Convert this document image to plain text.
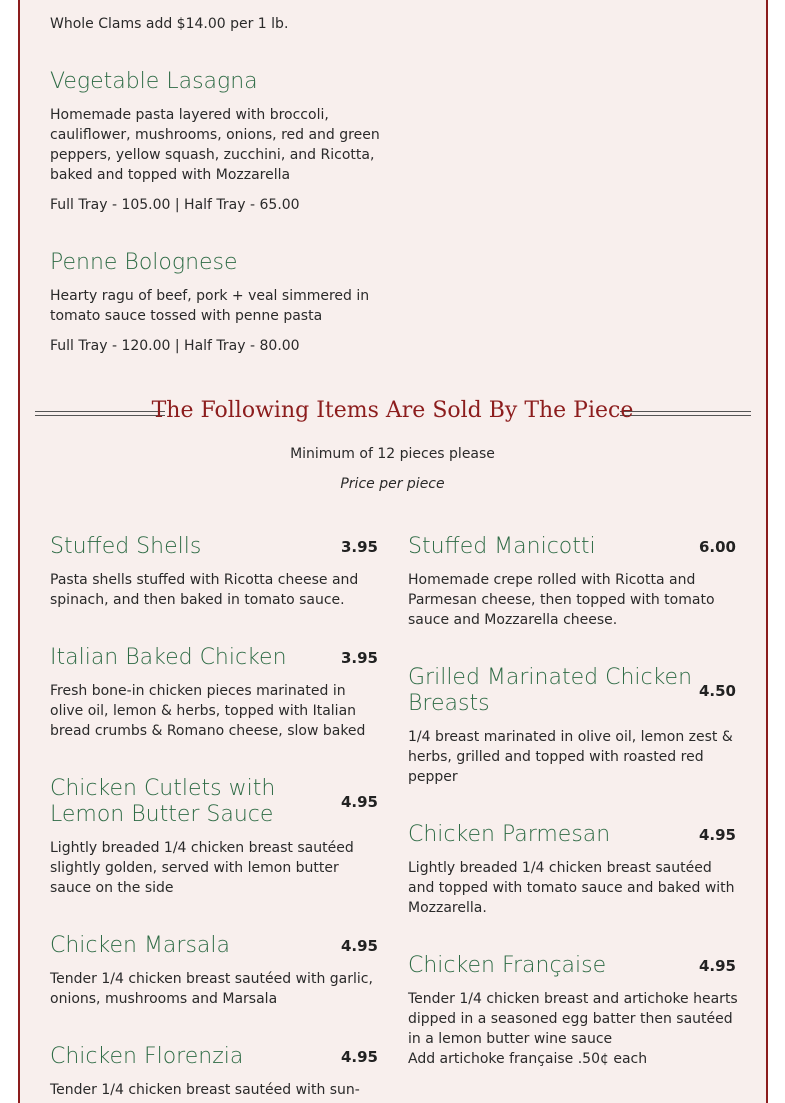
Whole Clams add $14.00 per 1 lb.
Vegetable Lasagna
Homemade pasta layered with broccoli, cauliflower, mushrooms, onions, red and green peppers, yellow squash, zucchini, and Ricotta, baked and topped with Mozzarella
Full Tray - 105.00 | Half Tray - 65.00
Penne Bolognese
Hearty ragu of beef, pork + veal simmered in tomato sauce tossed with penne pasta
Full Tray - 120.00 | Half Tray - 80.00
The Following Items Are Sold By The Piece
Minimum of 12 pieces please
Price per piece
Stuffed Shells	3.95
Pasta shells stuffed with Ricotta cheese and spinach, and then baked in tomato sauce.
Italian Baked Chicken	3.95
Fresh bone-in chicken pieces marinated in olive oil, lemon & herbs, topped with Italian bread crumbs & Romano cheese, slow baked
Chicken Cutlets with Lemon Butter Sauce	4.95
Lightly breaded 1/4 chicken breast sautéed slightly golden, served with lemon butter sauce on the side
Chicken Marsala	4.95
Tender 1/4 chicken breast sautéed with garlic, onions, mushrooms and Marsala
Chicken Florenzia	4.95
Tender 1/4 chicken breast sautéed with sun-
Stuffed Manicotti	6.00
Homemade crepe rolled with Ricotta and Parmesan cheese, then topped with tomato sauce and Mozzarella cheese.
Grilled Marinated Chicken Breasts	4.50
1/4 breast marinated in olive oil, lemon zest & herbs, grilled and topped with roasted red pepper
Chicken Parmesan	4.95
Lightly breaded 1/4 chicken breast sautéed and topped with tomato sauce and baked with Mozzarella.
Chicken Française	4.95
Tender 1/4 chicken breast and artichoke hearts dipped in a seasoned egg batter then sautéed in a lemon butter wine sauce
Add artichoke française .50¢ each
